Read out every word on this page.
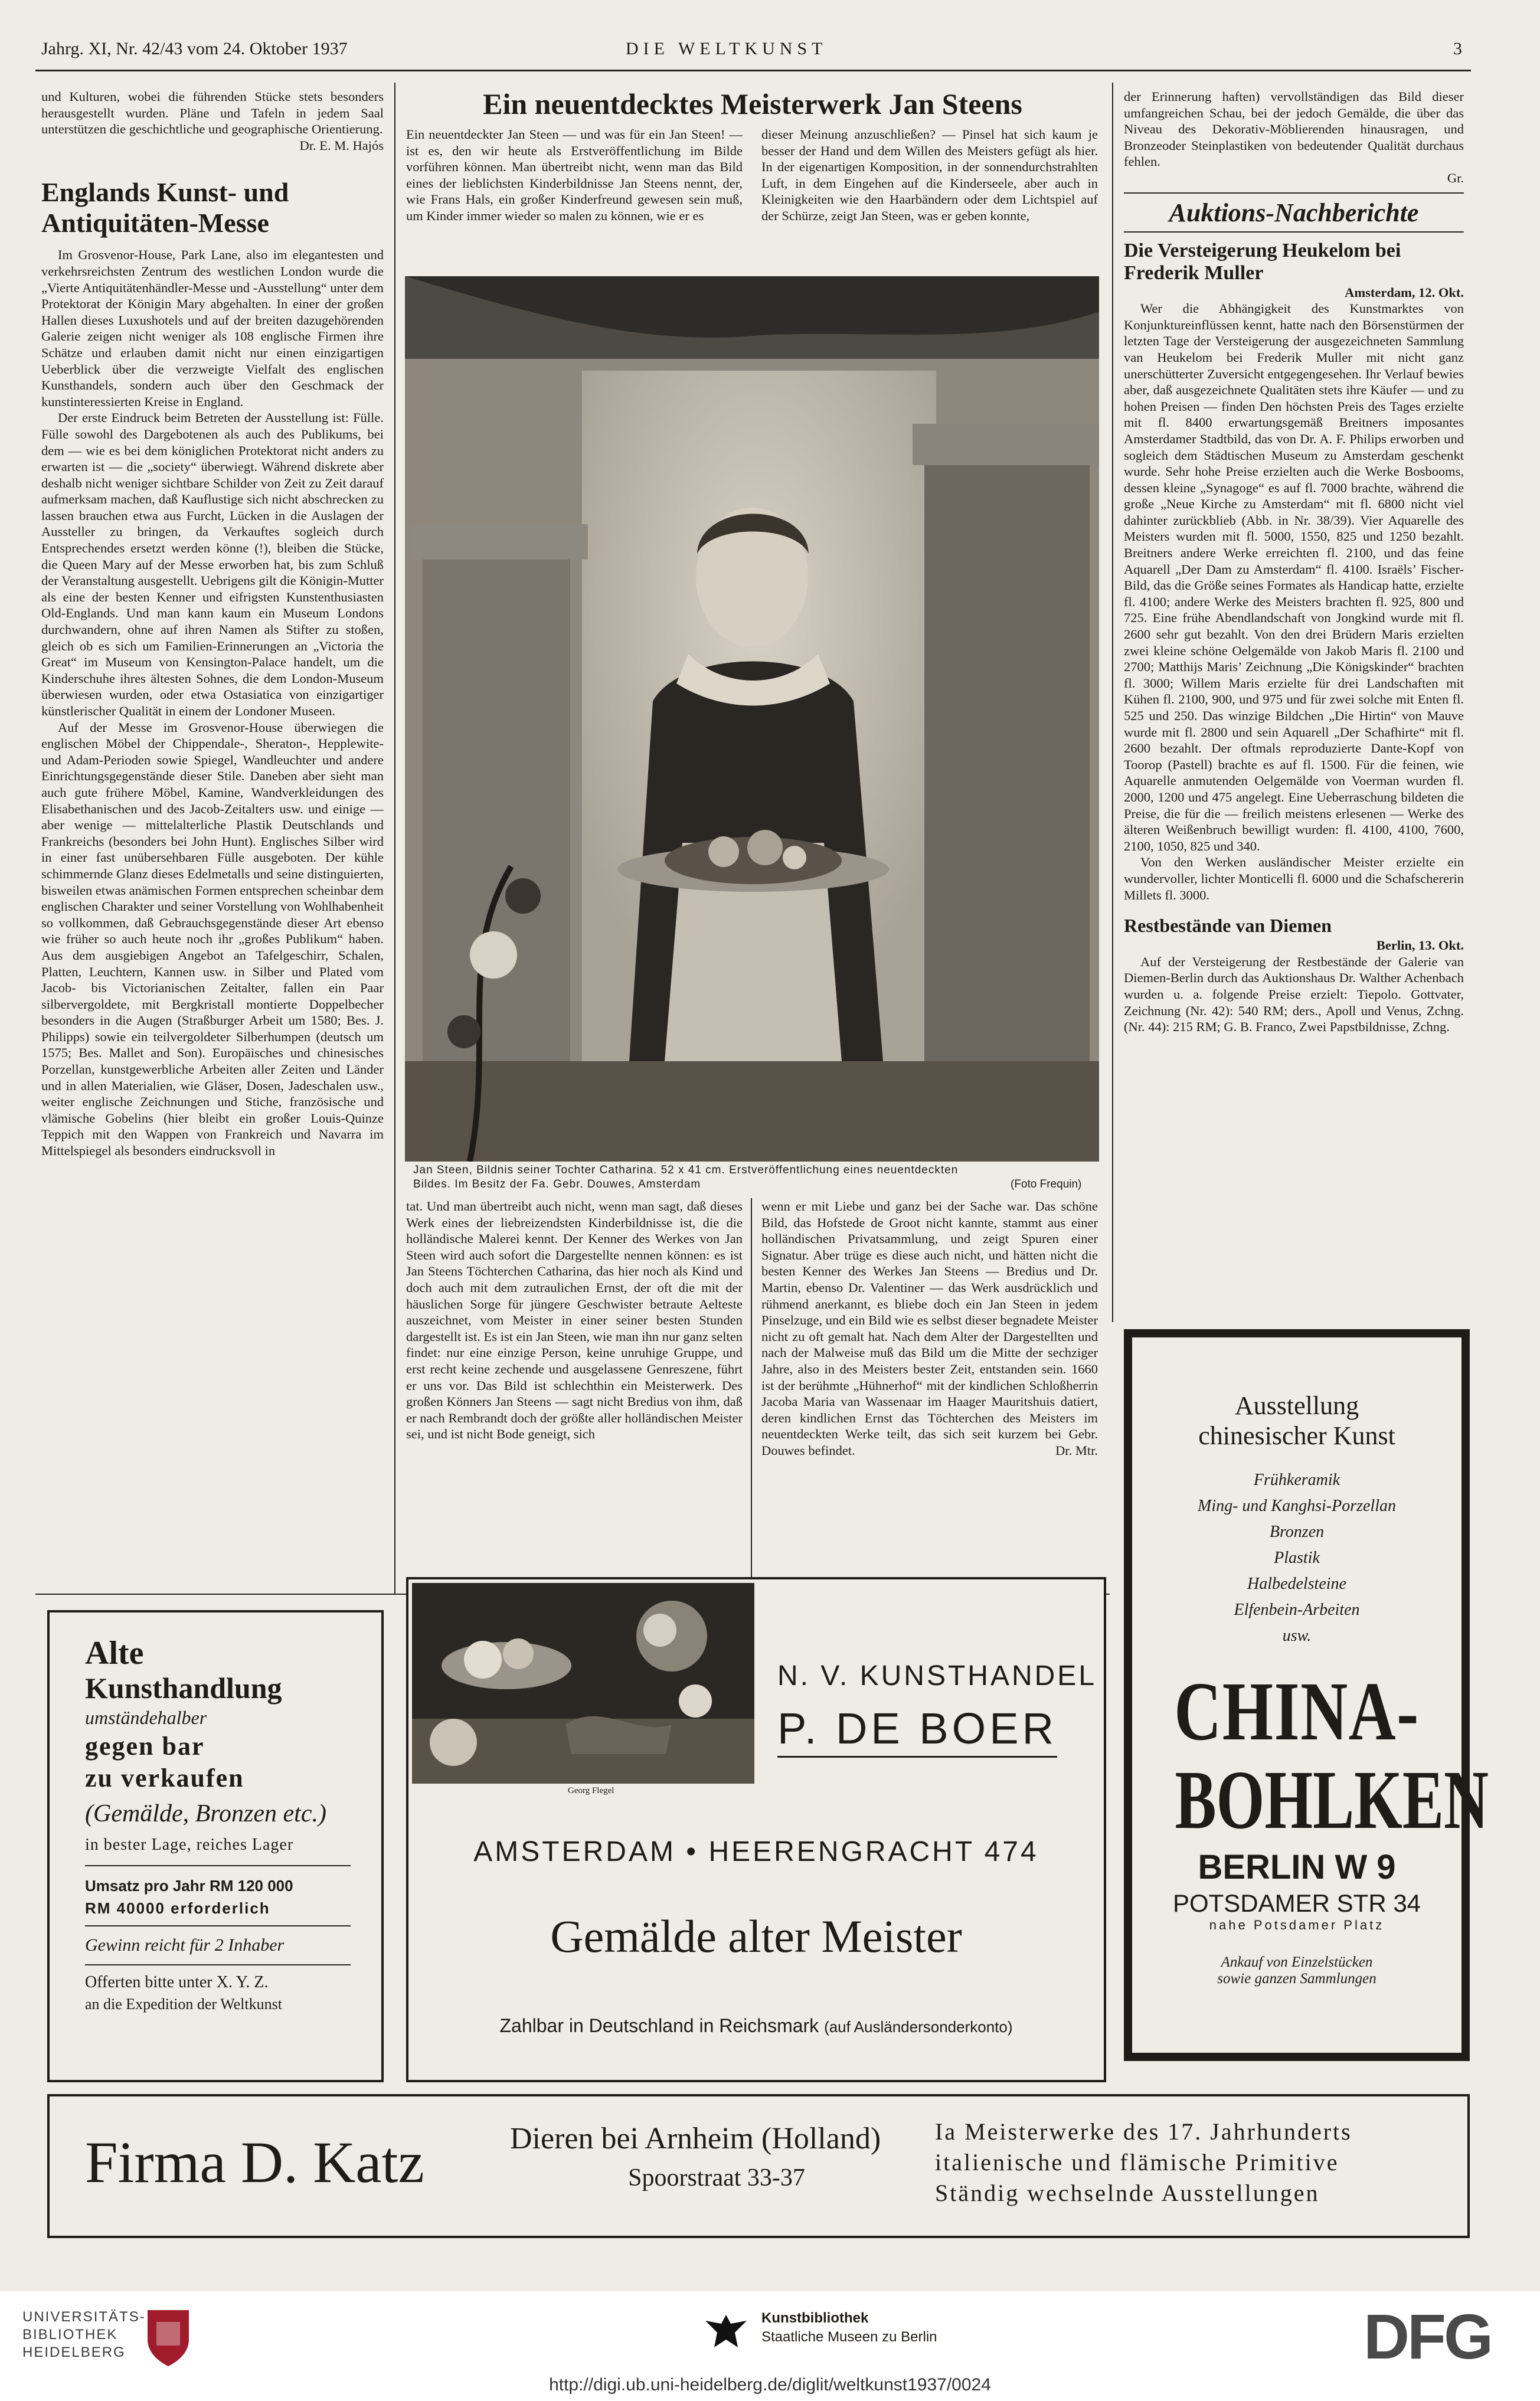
Jahrg. XI, Nr. 42/43 vom 24. Oktober 1937	DIE WELTKUNST	3

und Kulturen, wobei die führenden Stücke stets besonders herausgestellt wurden. Pläne und Tafeln in jedem Saal unterstützen die geschichtliche und geographische Orientierung.

Dr. E. M. Hajós

Englands Kunst- und Antiquitäten-Messe

Im Grosvenor-House, Park Lane, also im elegantesten und verkehrsreichsten Zentrum des westlichen London wurde die „Vierte Antiquitätenhändler-Messe und -Ausstellung“ unter dem Protektorat der Königin Mary abgehalten. In einer der großen Hallen dieses Luxushotels und auf der breiten dazugehörenden Galerie zeigen nicht weniger als 108 englische Firmen ihre Schätze und erlauben damit nicht nur einen einzigartigen Ueberblick über die verzweigte Vielfalt des englischen Kunsthandels, sondern auch über den Geschmack der kunstinteressierten Kreise in England.

Der erste Eindruck beim Betreten der Ausstellung ist: Fülle. Fülle sowohl des Dargebotenen als auch des Publikums, bei dem — wie es bei dem königlichen Protektorat nicht anders zu erwarten ist — die „society“ überwiegt. Während diskrete aber deshalb nicht weniger sichtbare Schilder von Zeit zu Zeit darauf aufmerksam machen, daß Kauflustige sich nicht abschrecken zu lassen brauchen etwa aus Furcht, Lücken in die Auslagen der Aussteller zu bringen, da Verkauftes sogleich durch Entsprechendes ersetzt werden könne (!), bleiben die Stücke, die Queen Mary auf der Messe erworben hat, bis zum Schluß der Veranstaltung ausgestellt. Uebrigens gilt die Königin-Mutter als eine der besten Kenner und eifrigsten Kunstenthusiasten Old-Englands. Und man kann kaum ein Museum Londons durchwandern, ohne auf ihren Namen als Stifter zu stoßen, gleich ob es sich um Familien-Erinnerungen an „Victoria the Great“ im Museum von Kensington-Palace handelt, um die Kinderschuhe ihres ältesten Sohnes, die dem London-Museum überwiesen wurden, oder etwa Ostasiatica von einzigartiger künstlerischer Qualität in einem der Londoner Museen.

Auf der Messe im Grosvenor-House überwiegen die englischen Möbel der Chippendale-, Sheraton-, Hepplewite- und Adam-Perioden sowie Spiegel, Wandleuchter und andere Einrichtungsgegenstände dieser Stile. Daneben aber sieht man auch gute frühere Möbel, Kamine, Wandverkleidungen des Elisabethanischen und des Jacob-Zeitalters usw. und einige — aber wenige — mittelalterliche Plastik Deutschlands und Frankreichs (besonders bei John Hunt). Englisches Silber wird in einer fast unübersehbaren Fülle ausgeboten. Der kühle schimmernde Glanz dieses Edelmetalls und seine distinguierten, bisweilen etwas anämischen Formen entsprechen scheinbar dem englischen Charakter und seiner Vorstellung von Wohlhabenheit so vollkommen, daß Gebrauchsgegenstände dieser Art ebenso wie früher so auch heute noch ihr „großes Publikum“ haben. Aus dem ausgiebigen Angebot an Tafelgeschirr, Schalen, Platten, Leuchtern, Kannen usw. in Silber und Plated vom Jacob- bis Victorianischen Zeitalter, fallen ein Paar silbervergoldete, mit Bergkristall montierte Doppelbecher besonders in die Augen (Straßburger Arbeit um 1580; Bes. J. Philipps) sowie ein teilvergoldeter Silberhumpen (deutsch um 1575; Bes. Mallet and Son). Europäisches und chinesisches Porzellan, kunstgewerbliche Arbeiten aller Zeiten und Länder und in allen Materialien, wie Gläser, Dosen, Jadeschalen usw., weiter englische Zeichnungen und Stiche, französische und vlämische Gobelins (hier bleibt ein großer Louis-Quinze Teppich mit den Wappen von Frankreich und Navarra im Mittelspiegel als besonders eindrucksvoll in

Ein neuentdecktes Meisterwerk Jan Steens
Ein neuentdeckter Jan Steen — und was für ein Jan Steen! — ist es, den wir heute als Erstveröffentlichung im Bilde vorführen können. Man übertreibt nicht, wenn man das Bild eines der lieblichsten Kinderbildnisse Jan Steens nennt, der, wie Frans Hals, ein großer Kinderfreund gewesen sein muß, um Kinder immer wieder so malen zu können, wie er es
dieser Meinung anzuschließen? — Pinsel hat sich kaum je besser der Hand und dem Willen des Meisters gefügt als hier. In der eigenartigen Komposition, in der sonnendurchstrahlten Luft, in dem Eingehen auf die Kinderseele, aber auch in Kleinigkeiten wie den Haarbändern oder dem Lichtspiel auf der Schürze, zeigt Jan Steen, was er geben konnte,
Jan Steen, Bildnis seiner Tochter Catharina. 52 x 41 cm. Erstveröffentlichung eines neuentdeckten
Bildes. Im Besitz der Fa. Gebr. Douwes, Amsterdam	(Foto Frequin)
tat. Und man übertreibt auch nicht, wenn man sagt, daß dieses Werk eines der liebreizendsten Kinderbildnisse ist, die die holländische Malerei kennt. Der Kenner des Werkes von Jan Steen wird auch sofort die Dargestellte nennen können: es ist Jan Steens Töchterchen Catharina, das hier noch als Kind und doch auch mit dem zutraulichen Ernst, der oft die mit der häuslichen Sorge für jüngere Geschwister betraute Aelteste auszeichnet, vom Meister in einer seiner besten Stunden dargestellt ist. Es ist ein Jan Steen, wie man ihn nur ganz selten findet: nur eine einzige Person, keine unruhige Gruppe, und erst recht keine zechende und ausgelassene Genreszene, führt er uns vor. Das Bild ist schlechthin ein Meisterwerk. Des großen Könners Jan Steens — sagt nicht Bredius von ihm, daß er nach Rembrandt doch der größte aller holländischen Meister sei, und ist nicht Bode geneigt, sich
wenn er mit Liebe und ganz bei der Sache war. Das schöne Bild, das Hofstede de Groot nicht kannte, stammt aus einer holländischen Privatsammlung, und zeigt Spuren einer Signatur. Aber trüge es diese auch nicht, und hätten nicht die besten Kenner des Werkes Jan Steens — Bredius und Dr. Martin, ebenso Dr. Valentiner — das Werk ausdrücklich und rühmend anerkannt, es bliebe doch ein Jan Steen in jedem Pinselzuge, und ein Bild wie es selbst dieser begnadete Meister nicht zu oft gemalt hat. Nach dem Alter der Dargestellten und nach der Malweise muß das Bild um die Mitte der sechziger Jahre, also in des Meisters bester Zeit, entstanden sein. 1660 ist der berühmte „Hühnerhof“ mit der kindlichen Schloßherrin Jacoba Maria van Wassenaar im Haager Mauritshuis datiert, deren kindlichen Ernst das Töchterchen des Meisters im neuentdeckten Werke teilt, das sich seit kurzem bei Gebr. Douwes befindet.	Dr. Mtr.

der Erinnerung haften) vervollständigen das Bild dieser umfangreichen Schau, bei der jedoch Gemälde, die über das Niveau des Dekorativ-Möblierenden hinausragen, und Bronzeoder Steinplastiken von bedeutender Qualität durchaus fehlen.

Gr.

Auktions-Nachberichte
Die Versteigerung Heukelom bei Frederik Muller

Amsterdam, 12. Okt.

Wer die Abhängigkeit des Kunstmarktes von Konjunktureinflüssen kennt, hatte nach den Börsenstürmen der letzten Tage der Versteigerung der ausgezeichneten Sammlung van Heukelom bei Frederik Muller mit nicht ganz unerschütterter Zuversicht entgegengesehen. Ihr Verlauf bewies aber, daß ausgezeichnete Qualitäten stets ihre Käufer — und zu hohen Preisen — finden Den höchsten Preis des Tages erzielte mit fl. 8400 erwartungsgemäß Breitners imposantes Amsterdamer Stadtbild, das von Dr. A. F. Philips erworben und sogleich dem Städtischen Museum zu Amsterdam geschenkt wurde. Sehr hohe Preise erzielten auch die Werke Bosbooms, dessen kleine „Synagoge“ es auf fl. 7000 brachte, während die große „Neue Kirche zu Amsterdam“ mit fl. 6800 nicht viel dahinter zurückblieb (Abb. in Nr. 38/39). Vier Aquarelle des Meisters wurden mit fl. 5000, 1550, 825 und 1250 bezahlt. Breitners andere Werke erreichten fl. 2100, und das feine Aquarell „Der Dam zu Amsterdam“ fl. 4100. Israëls’ Fischer-Bild, das die Größe seines Formates als Handicap hatte, erzielte fl. 4100; andere Werke des Meisters brachten fl. 925, 800 und 725. Eine frühe Abendlandschaft von Jongkind wurde mit fl. 2600 sehr gut bezahlt. Von den drei Brüdern Maris erzielten zwei kleine schöne Oelgemälde von Jakob Maris fl. 2100 und 2700; Matthijs Maris’ Zeichnung „Die Königskinder“ brachten fl. 3000; Willem Maris erzielte für drei Landschaften mit Kühen fl. 2100, 900, und 975 und für zwei solche mit Enten fl. 525 und 250. Das winzige Bildchen „Die Hirtin“ von Mauve wurde mit fl. 2800 und sein Aquarell „Der Schafhirte“ mit fl. 2600 bezahlt. Der oftmals reproduzierte Dante-Kopf von Toorop (Pastell) brachte es auf fl. 1500. Für die feinen, wie Aquarelle anmutenden Oelgemälde von Voerman wurden fl. 2000, 1200 und 475 angelegt. Eine Ueberraschung bildeten die Preise, die für die — freilich meistens erlesenen — Werke des älteren Weißenbruch bewilligt wurden: fl. 4100, 4100, 7600, 2100, 1050, 825 und 340.

Von den Werken ausländischer Meister erzielte ein wundervoller, lichter Monticelli fl. 6000 und die Schafschererin Millets fl. 3000.

Restbestände van Diemen

Berlin, 13. Okt.

Auf der Versteigerung der Restbestände der Galerie van Diemen-Berlin durch das Auktionshaus Dr. Walther Achenbach wurden u. a. folgende Preise erzielt: Tiepolo. Gottvater, Zeichnung (Nr. 42): 540 RM; ders., Apoll und Venus, Zchng. (Nr. 44): 215 RM; G. B. Franco, Zwei Papstbildnisse, Zchng.

Ausstellung
chinesischer Kunst
Frühkeramik
Ming- und Kanghsi-Porzellan
Bronzen
Plastik
Halbedelsteine
Elfenbein-Arbeiten
usw.
CHINA-
BOHLKEN
BERLIN W 9
POTSDAMER STR 34
nahe Potsdamer Platz
Ankauf von Einzelstücken
sowie ganzen Sammlungen
Alte
Kunsthandlung
umständehalber
gegen bar
zu verkaufen
(Gemälde, Bronzen etc.)
in bester Lage, reiches Lager
Umsatz pro Jahr RM 120 000
RM 40000 erforderlich
Gewinn reicht für 2 Inhaber
Offerten bitte unter X. Y. Z.
an die Expedition der Weltkunst
Georg Flegel
N. V. KUNSTHANDEL
P. DE BOER
AMSTERDAM • HEERENGRACHT 474
Gemälde alter Meister
Zahlbar in Deutschland in Reichsmark (auf Ausländersonderkonto)
Firma D. Katz	Dieren bei Arnheim (Holland)
Spoorstraat 33-37
Ia Meisterwerke des 17. Jahrhunderts
italienische und flämische Primitive
Ständig wechselnde Ausstellungen
UNIVERSITÄTS-
BIBLIOTHEK
HEIDELBERG
Kunstbibliothek
Staatliche Museen zu Berlin	DFG
http://digi.ub.uni-heidelberg.de/diglit/weltkunst1937/0024
